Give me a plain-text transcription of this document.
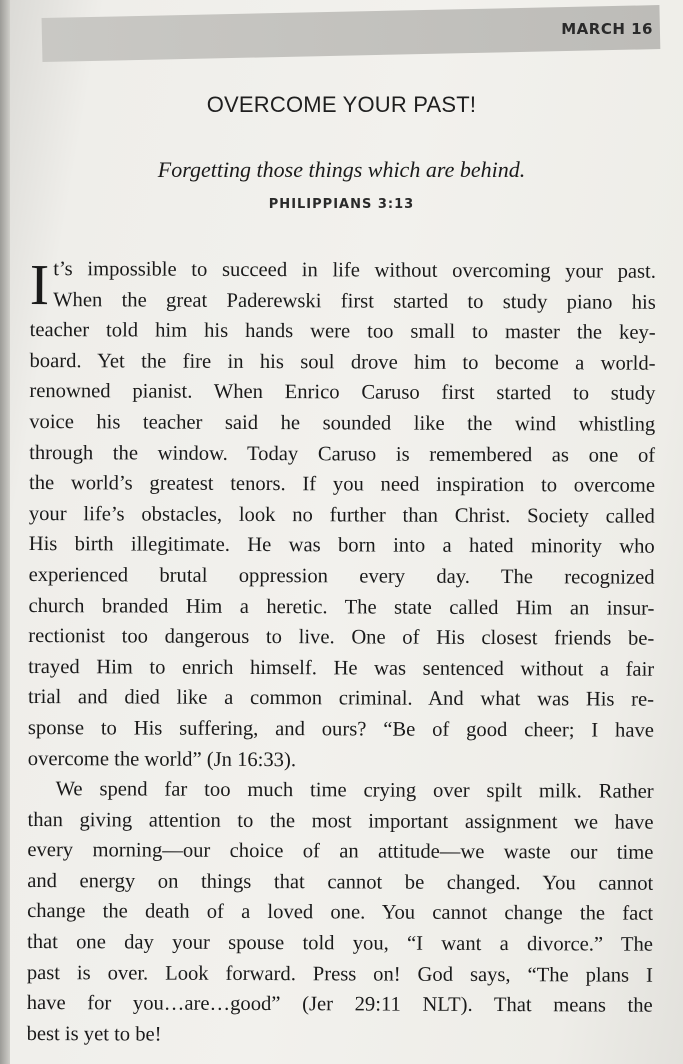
MARCH 16
OVERCOME YOUR PAST!
Forgetting those things which are behind.
PHILIPPIANS 3:13
I t’s impossible to succeed in life without overcoming your past.
When the great Paderewski first started to study piano his
teacher told him his hands were too small to master the key-
board. Yet the fire in his soul drove him to become a world-
renowned pianist. When Enrico Caruso first started to study
voice his teacher said he sounded like the wind whistling
through the window. Today Caruso is remembered as one of
the world’s greatest tenors. If you need inspiration to overcome
your life’s obstacles, look no further than Christ. Society called
His birth illegitimate. He was born into a hated minority who
experienced brutal oppression every day. The recognized
church branded Him a heretic. The state called Him an insur-
rectionist too dangerous to live. One of His closest friends be-
trayed Him to enrich himself. He was sentenced without a fair
trial and died like a common criminal. And what was His re-
sponse to His suffering, and ours? “Be of good cheer; I have
overcome the world” (Jn 16:33).
We spend far too much time crying over spilt milk. Rather
than giving attention to the most important assignment we have
every morning—our choice of an attitude—we waste our time
and energy on things that cannot be changed. You cannot
change the death of a loved one. You cannot change the fact
that one day your spouse told you, “I want a divorce.” The
past is over. Look forward. Press on! God says, “The plans I
have for you…are…good” (Jer 29:11 NLT). That means the
best is yet to be!
